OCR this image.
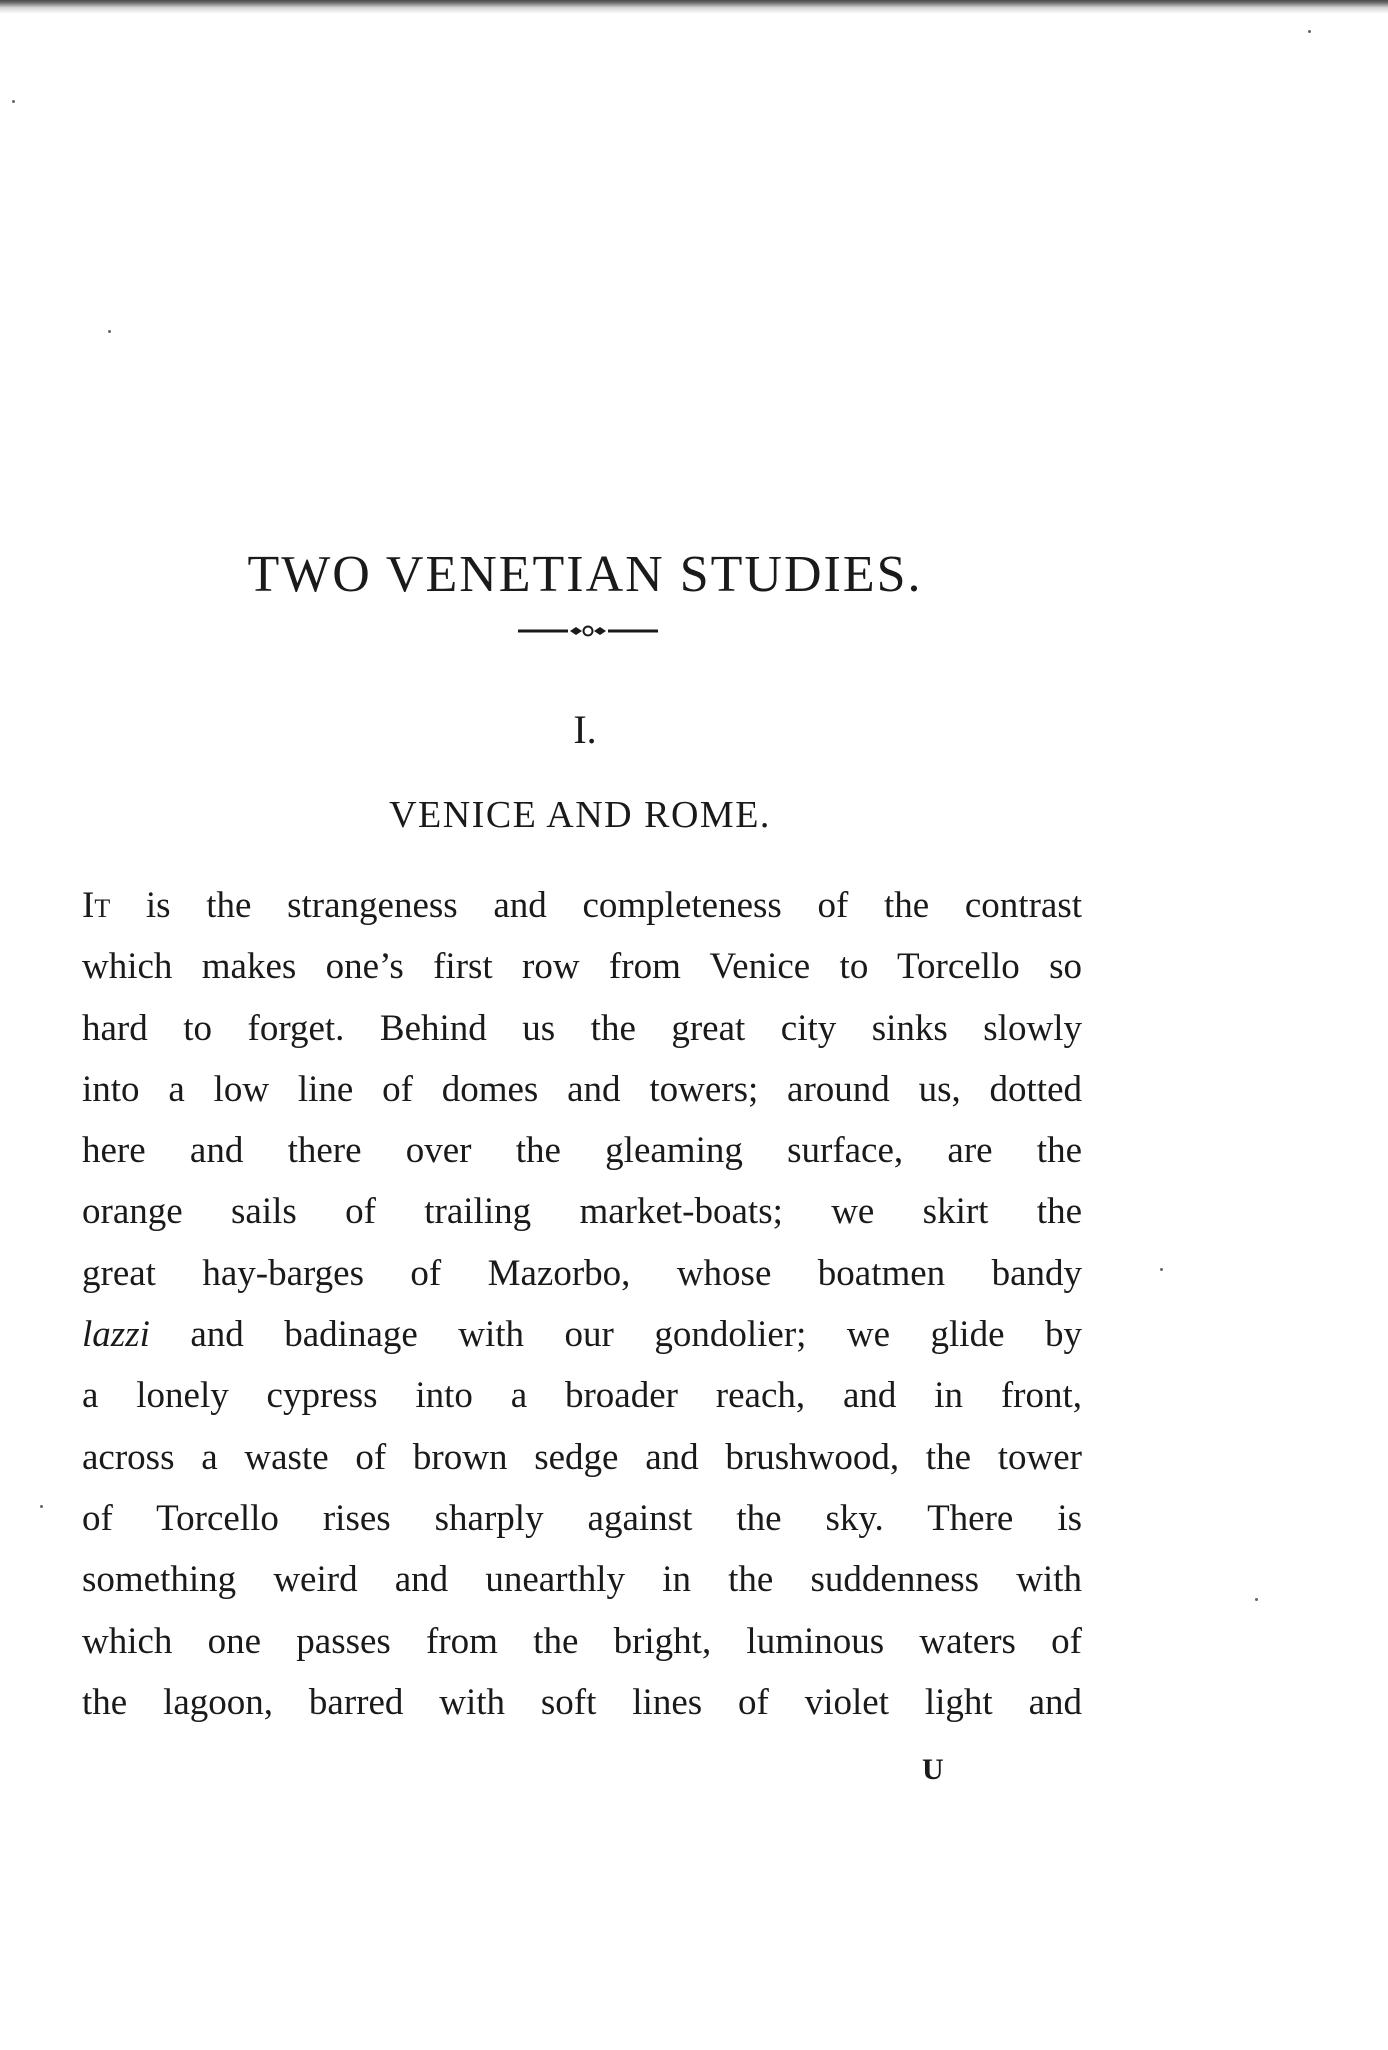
TWO VENETIAN STUDIES.
I.
VENICE AND ROME.
It is the strangeness and completeness of the contrast
which makes one’s first row from Venice to Torcello so
hard to forget. Behind us the great city sinks slowly
into a low line of domes and towers; around us, dotted
here and there over the gleaming surface, are the
orange sails of trailing market-boats; we skirt the
great hay-barges of Mazorbo, whose boatmen bandy
lazzi and badinage with our gondolier; we glide by
a lonely cypress into a broader reach, and in front,
across a waste of brown sedge and brushwood, the tower
of Torcello rises sharply against the sky. There is
something weird and unearthly in the suddenness with
which one passes from the bright, luminous waters of
the lagoon, barred with soft lines of violet light and
U
